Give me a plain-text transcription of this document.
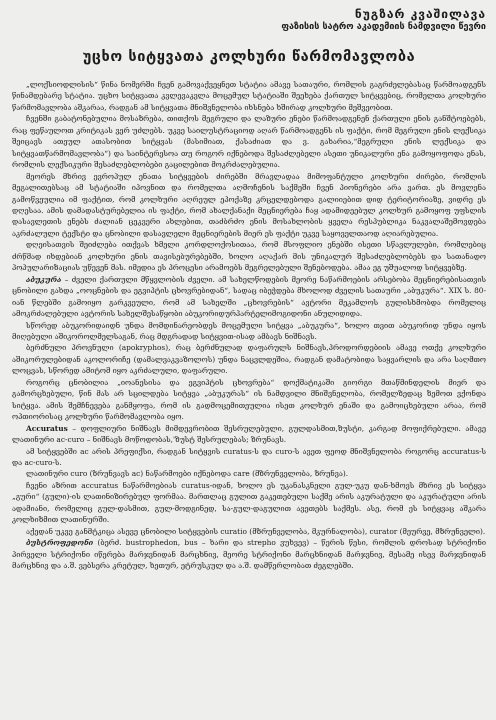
ნუგზარ კვაშილავა

ფაზისის სატრო აკადემიის ნამდვილი წევრი

უცხო სიტყვათა კოლხური წარმომავლობა

„ლოქსიოდლისის“ წინა ნომერში ჩვენ გამოვაქვეყნეთ სტატია ამავე სათაური, რომლის გაგრძელებასაც წარმოადგენს წინამდებარე სტატია. უცხო სიტყვათა კვლევაკვლა მოცემულ სტატიაში შეეხება ქართულ სიტყვებიც, რომელთა კოლხური წარმომავლობა აშკარაა, რადგან ამ სიტყვათა მნიშვნელობა იხსნება ხშირად კოლხური მეშვეობით.

ჩვენში გაბატონებულია მოსაზრება, თითქოს მეგრული და ლაზური ენები წარმოადგენენ ქართული ენის განშტოებებს, რაც ფეწაულოთ კრიტიკას ვერ უძლებს. უკვე საილუსტრაციოდ აღარ წარმოადგენს ის ფაქტი, რომ მეგრული ენის ლექსიკა შეიცავს ათეულ ათასობით სიტყვას (მასიმიათ, ქასაძიათ და ვ. გახარია,“მეგრული ენის ლექსიკა და სიტყვათწარმომავლობა“) და საინტერესოა თუ როგორ იქნებოდა შესაძლებელი ასეთი უნიკალური ენა გამოყოფოდა ენას, რომლის ლექსიკური შესაძლებლობები გაცილებით მოკრძალებულია.

მეორეს მხრივ ევროპულ ენათა სიტყვების ძირებში მრავლადაა მიმოფანტული კოლხური ძირები, რომლის მეგალითებსაც ამ სტატიაში იპოვნით და რომელთა აღმოჩენის საქმეში ჩვენ პიონერები არა ვართ. ეს მოვლენა გამოწვეულია იმ ფაქტით, რომ კოლხური აღრეულ ეპოქაზე კრცელდებოდა გალიიებით დიდ ტერიტორიაზე, ვიდრე ეს დღესაა. ამის დამადასტურებელია ის ფაქტი, რომ ახალქანაქი მეცნიერება ჩაყ ადამიდეებულ კოლხურ გამოყოფ უფსლის დასავლეთის ენებს ძალიან ცეკვერი ახლებით, თაძბრძო ენის მოსახლობის ყველა რესპუბლიკა ნაკვალაშემოვდება აკრძალული ტექსტი და ცნობილი დასავლელი მეცნიერების მიერ ეს ფაქტი უკვე საყოველთაოდ აღიარებულია.

დღეისათვის შეიძლება ითქვას ხმელი კორდლოქოსითაა, რომ მსოფლიო ენებში ისეთი სწავლულები, რომლებიც ძრწმად იხდებიან კოლხური ენის თავისებურებებში, ხოლო აღაქარ მის უნიკალურ შესაძლებლობებს და სათანადო პოპულარიზაციას უწევენ მას. იმედია ეს პროცესი არამოებს მეგრელებული შენებოდება. ამაა ეგ უშუალოდ სიტყვებზე.

აბუკურა – ძველი ქართული მწყვლობის ძველი. ამ სახელწოდების მეორე ნაწარმოების არსებობა მეცნიერებისათვის ცნობილი გახდა „ოოცნების და ეგვიპტის ცხოვრებიდან“, სადაც იბეჭდება მხოლოდ ძველის სათაური „აბუკურა“. XIX ს. 80-იან წლებში გამოიყო გარკვეული, რომ ამ სახელში „ცხოვრების“ ავტორი მეკამლოს გულისხმობდა რომელიც ამოკრძალებული ავტორის სახელშესაწყობი აბუკორიდურპარტელიმოგიდონი ანულიდიდა.

სწორედ აბუკორიდაიდნ უნდა მომდინარეობდეს მოცემული სიტყვა „აბუკურა“, ხოლო თვით აბუკორიდ უნდა იყოს მიღებული აშიკოროლმელსაგან, რაც მდგრადად სიტყვით-ისად ამბავს ნიშნავს.

ბერძნული პროვნული (apokryphos), რაც ბერძნულად დაფარულს ნიშნავს,პროდორდებიის ამავე ოთქე კოლხური აშიკორულებიდან აკოლორიჩე (დამალვაკვაზოლოს) უნდა ნაცვლდეშია, რადგან დამატობიდა საყვარლის და არა საღმთო ლოცვას, სწორედ ამიტომ იყო აკრძალული, დაფარული.

როგორც ცნობილია „იოანესისა და ეგვიპტის ცხოვრება“ დოქმატიკაში გიორგი მთაწმინდელის მიერ და გამორცხებული, წინ მას არ სცილდება სიტყვა „აბუკურას“ ის ნამდვილი მნიშვნელობა, რომელზედაც ზემოთ ვქონდა სიტყვა. ამის შემჩნევება განმყოფა, რომ ის გადმოცემითეულია ისეთ კოლხურ ენაში და გამოიცხებული არაა, რომ ოპთიორისაც კოლხური წარმომავლობა იყო.

Accuratus – დოფლიური ნიშნავს მიმდევრობით შესრულებული, გულდასმით,ზუსტი, კარგად მოფიქრებული. ამავე ლათინური ac-curo – ნიშნავს მოწოდობას,'ზუსტ შესრულებას; ზრუნავს.

ამ სიტყვებში ac არის პრეფიქსი, რადგან სიტყვის curatus-ს და curo-ს ავეთ ფეოდ მნიშვნელობა როგორც accuratus-ს და ac-curo-ს.

ლათინური curo (ზრუნვავს ac) ნაწარმოები იქნებოდა care (მზრუნველობა, ზრუნვა).

ჩვენი აზრით accuratus ნაწარმოებიას curatus-იდან, ხოლო ეს უკანასკნელი გულ-უკუ დან-ხმოვს მხრივ ეს სიტყვა „გური“ (გული)-ის ლათინიზირებულ ფორმაა. მართლაც გულით გაკეთებული საქმე არის აკურატული და აკურატული არის ადამიანი, რომელიც გულ-დასმით, გულ-მოდგინედ, სა-გულ-დაგულით ავეთებს საქმეს. ასე, რომ ეს სიტყვაც აშკარა კოლხიზმით ლათინურში.

აქედან უკვე განმტკიცა ასევე ცნობილი სიტყვების curatio (მზრუნველობა, მკურნალობა), curator (მეურვე, მზრუნველი).

ბუსტროფედონი (ბერძ. bustrophedon, bus – ხარი და strepho ვუხვევ) – წერის წესი, რომლის დროსად სტრიქონი პირველი სტრიქონი იწერება მარჯვნიდან მარცხნივ, მეორე სტრიქონი მარცხნიდან მარჯვნივ, მესამე ისევ მარჯვნიდან მარცხნივ და ა.შ. ვებსერა კრეტულ, ხეთურ, ეტრუსკულ და ა.შ. დამწერლობათ ძეგლებში.
